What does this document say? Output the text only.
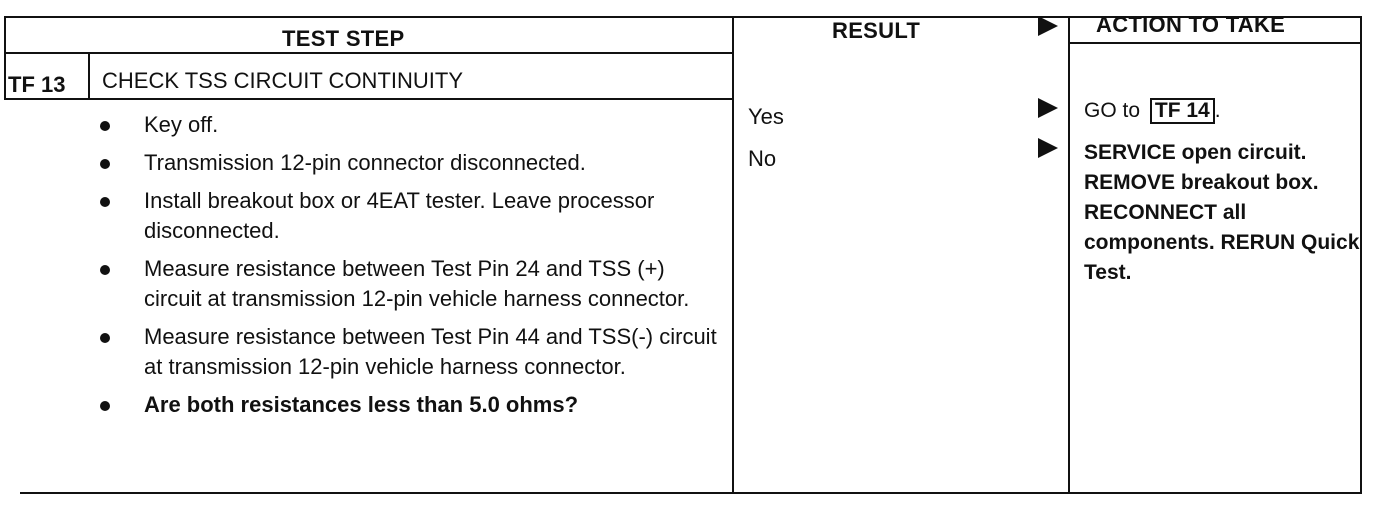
TEST STEP	RESULT	ACTION TO TAKE
TF 13 CHECK TSS CIRCUIT CONTINUITY
Key off.
Transmission 12-pin connector disconnected.
Install breakout box or 4EAT tester. Leave processor disconnected.
Measure resistance between Test Pin 24 and TSS (+) circuit at transmission 12-pin vehicle harness connector.
Measure resistance between Test Pin 44 and TSS(-) circuit at transmission 12-pin vehicle harness connector.
Are both resistances less than 5.0 ohms?
Yes
No
GO to TF 14 .
SERVICE open circuit. REMOVE breakout box. RECONNECT all components. RERUN Quick Test.
